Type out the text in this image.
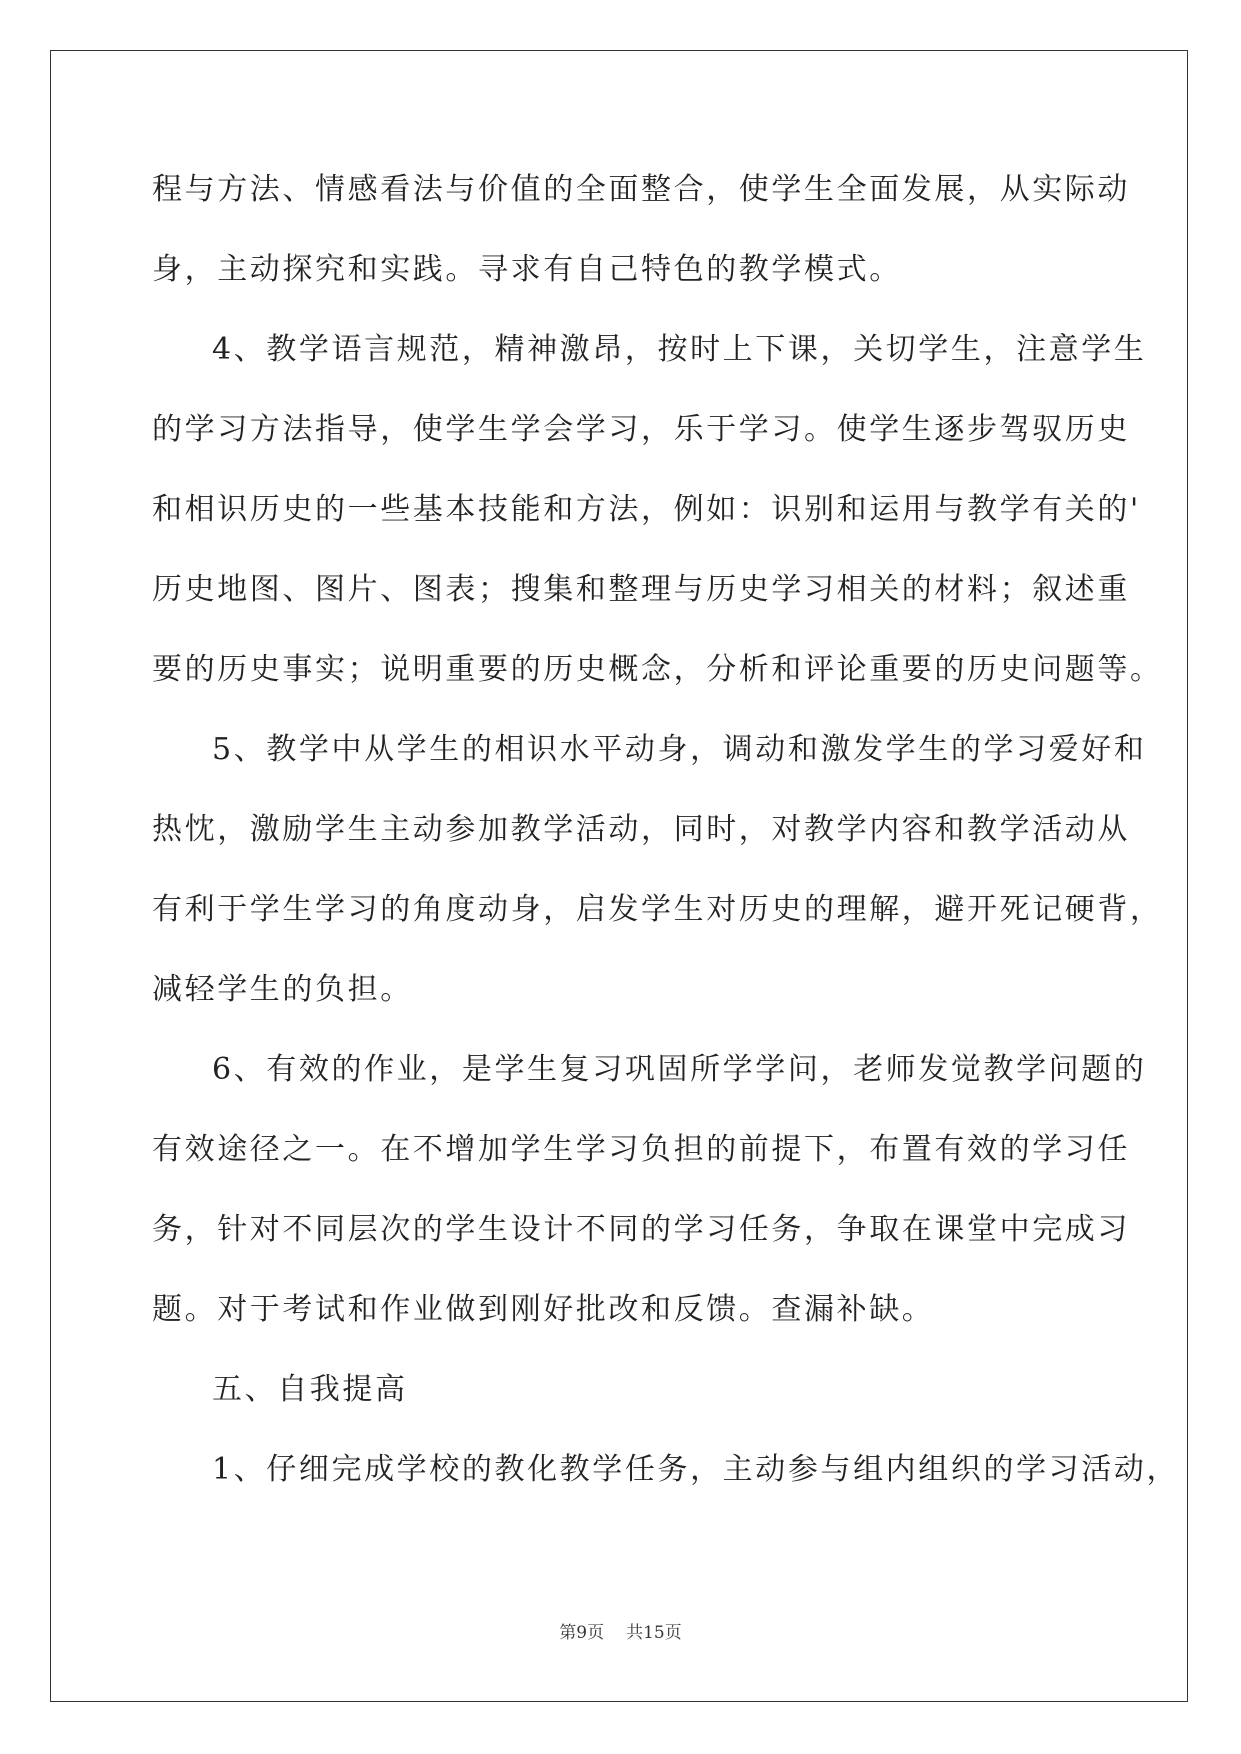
程与方法、情感看法与价值的全面整合，使学生全面发展，从实际动
身，主动探究和实践。寻求有自己特色的教学模式。
4、教学语言规范，精神激昂，按时上下课，关切学生，注意学生
的学习方法指导，使学生学会学习，乐于学习。使学生逐步驾驭历史
和相识历史的一些基本技能和方法，例如：识别和运用与教学有关的'
历史地图、图片、图表；搜集和整理与历史学习相关的材料；叙述重
要的历史事实；说明重要的历史概念，分析和评论重要的历史问题等。
5、教学中从学生的相识水平动身，调动和激发学生的学习爱好和
热忱，激励学生主动参加教学活动，同时，对教学内容和教学活动从
有利于学生学习的角度动身，启发学生对历史的理解，避开死记硬背，
减轻学生的负担。
6、有效的作业，是学生复习巩固所学学问，老师发觉教学问题的
有效途径之一。在不增加学生学习负担的前提下，布置有效的学习任
务，针对不同层次的学生设计不同的学习任务，争取在课堂中完成习
题。对于考试和作业做到刚好批改和反馈。查漏补缺。
五、自我提高
1、仔细完成学校的教化教学任务，主动参与组内组织的学习活动，
第9页 共15页
